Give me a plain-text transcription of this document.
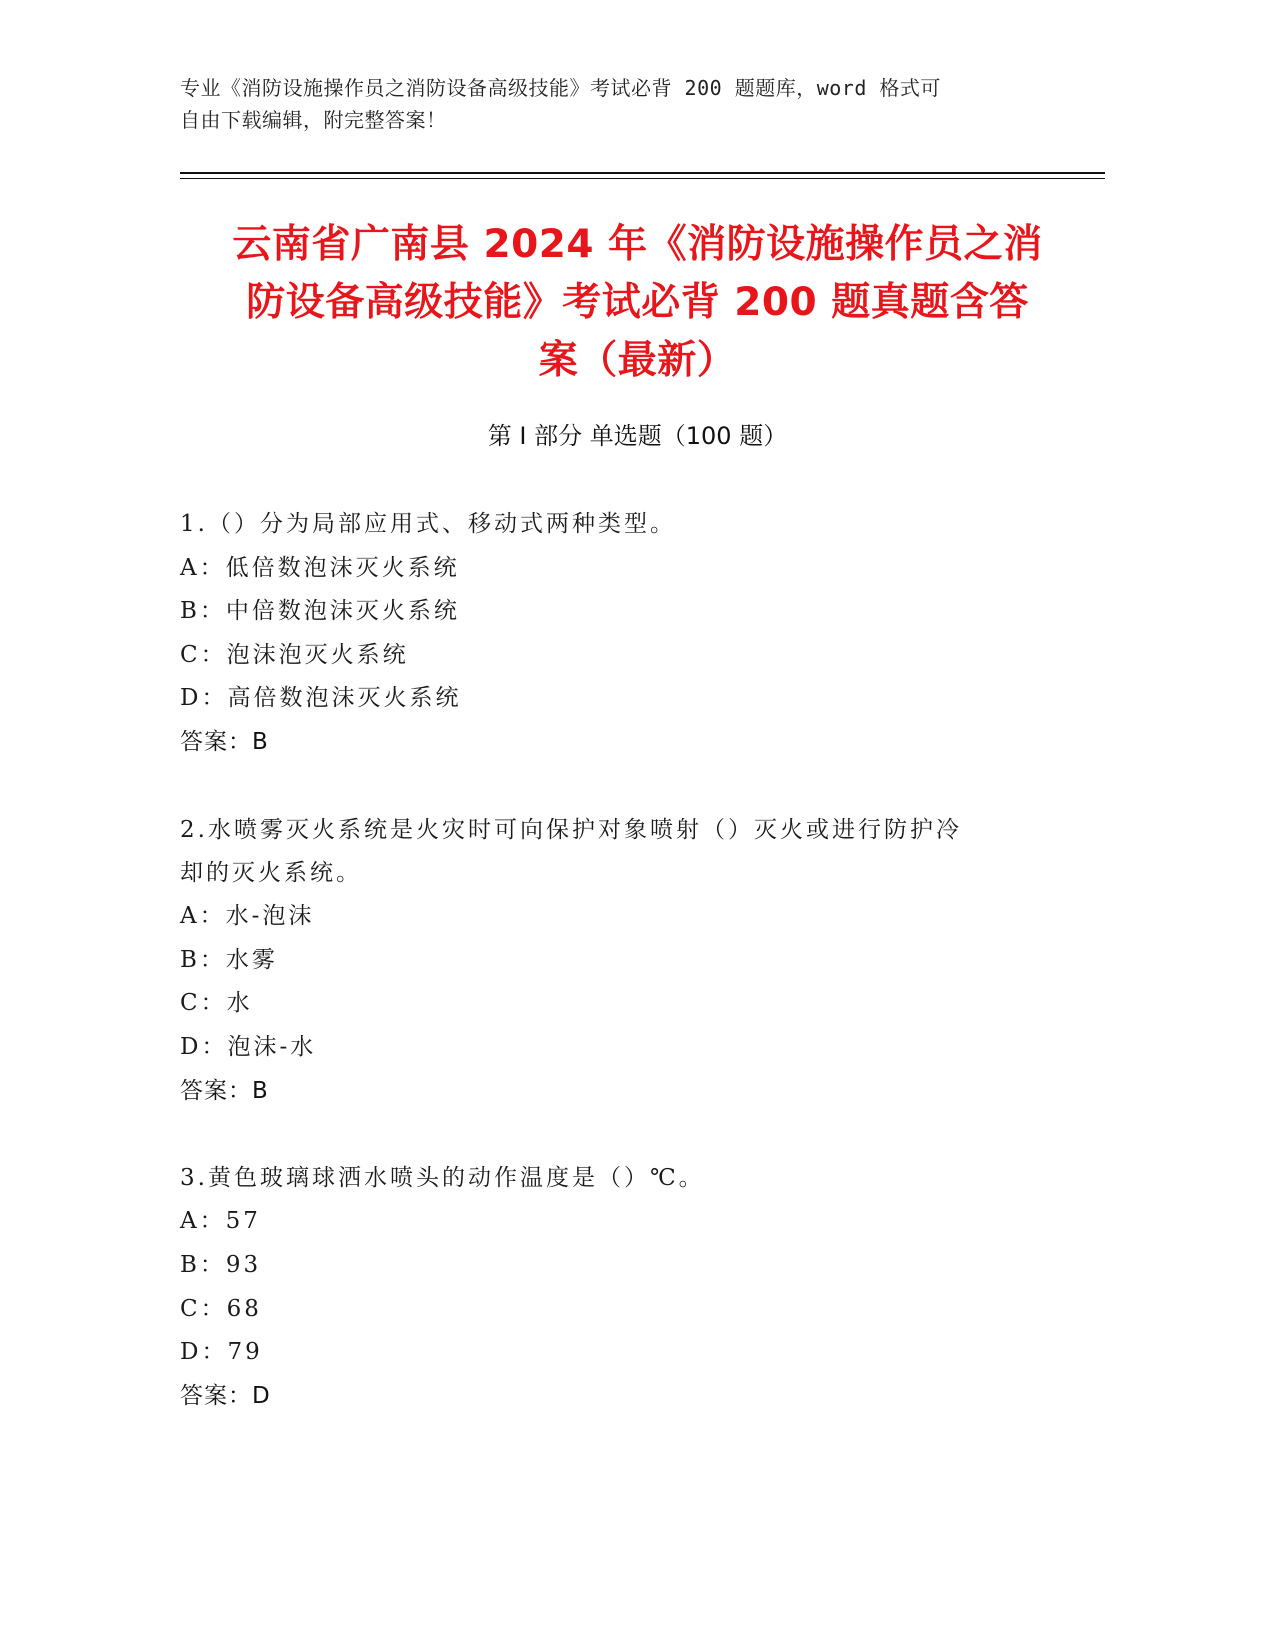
专业《消防设施操作员之消防设备高级技能》考试必背 200 题题库，word 格式可
自由下载编辑，附完整答案！
云南省广南县 2024 年《消防设施操作员之消
防设备高级技能》考试必背 200 题真题含答
案（最新）
第 I 部分 单选题（100 题）
1.（）分为局部应用式、移动式两种类型。
A：低倍数泡沫灭火系统
B：中倍数泡沫灭火系统
C：泡沫泡灭火系统
D：高倍数泡沫灭火系统
答案：B
2.水喷雾灭火系统是火灾时可向保护对象喷射（）灭火或进行防护冷
却的灭火系统。
A：水-泡沫
B：水雾
C：水
D：泡沫-水
答案：B
3.黄色玻璃球洒水喷头的动作温度是（）℃。
A：57
B：93
C：68
D：79
答案：D
